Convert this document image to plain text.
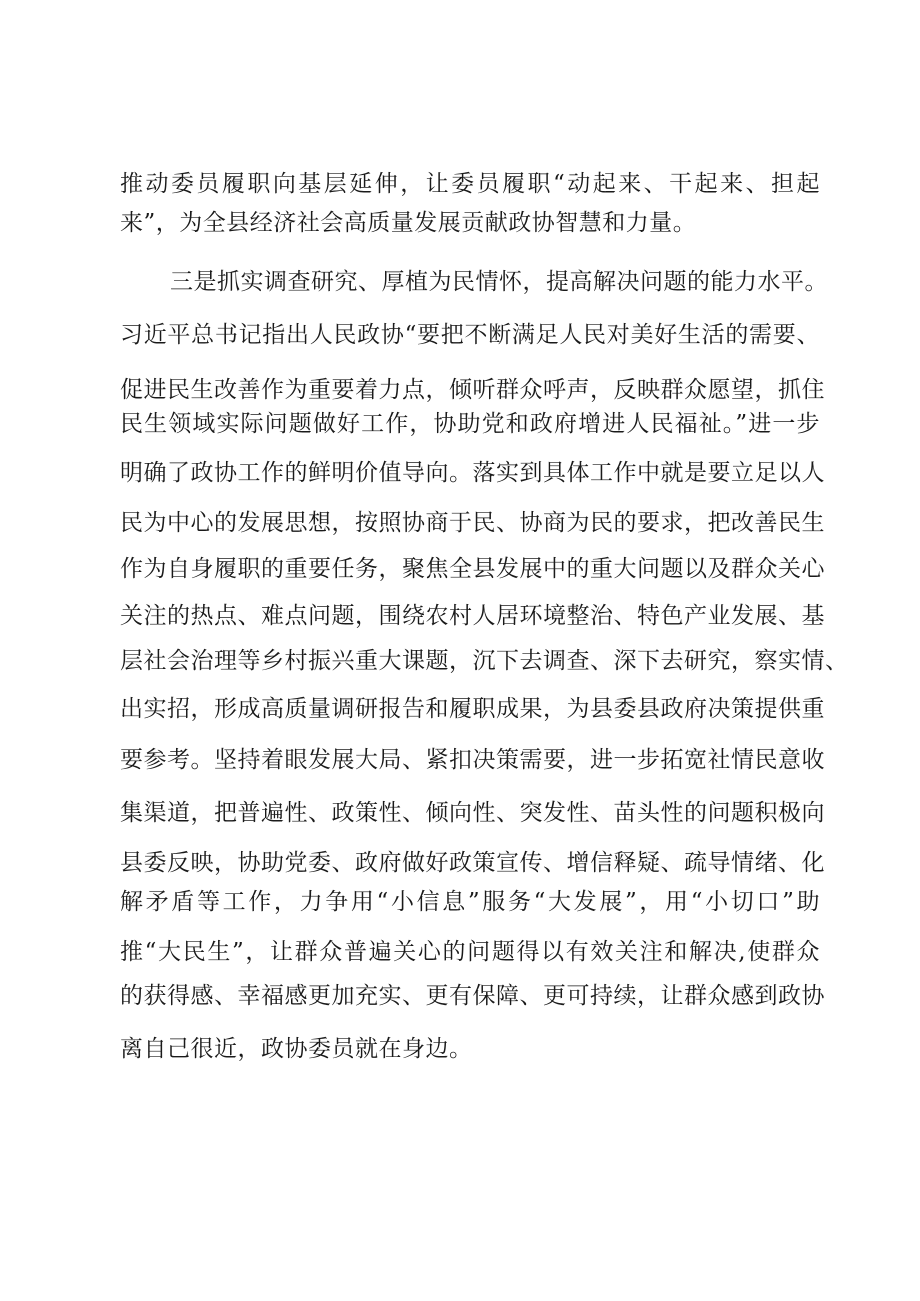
推动委员履职向基层延伸，让委员履职“动起来、干起来、担起
来”，为全县经济社会高质量发展贡献政协智慧和力量。
三是抓实调查研究、厚植为民情怀，提高解决问题的能力水平。
习近平总书记指出人民政协“要把不断满足人民对美好生活的需要、
促进民生改善作为重要着力点，倾听群众呼声，反映群众愿望，抓住
民生领域实际问题做好工作，协助党和政府增进人民福祉。”进一步
明确了政协工作的鲜明价值导向。落实到具体工作中就是要立足以人
民为中心的发展思想，按照协商于民、协商为民的要求，把改善民生
作为自身履职的重要任务，聚焦全县发展中的重大问题以及群众关心
关注的热点、难点问题，围绕农村人居环境整治、特色产业发展、基
层社会治理等乡村振兴重大课题，沉下去调查、深下去研究，察实情、
出实招，形成高质量调研报告和履职成果，为县委县政府决策提供重
要参考。坚持着眼发展大局、紧扣决策需要，进一步拓宽社情民意收
集渠道，把普遍性、政策性、倾向性、突发性、苗头性的问题积极向
县委反映，协助党委、政府做好政策宣传、增信释疑、疏导情绪、化
解矛盾等工作，力争用“小信息”服务“大发展”，用“小切口”助
推“大民生”，让群众普遍关心的问题得以有效关注和解决,使群众
的获得感、幸福感更加充实、更有保障、更可持续，让群众感到政协
离自己很近，政协委员就在身边。
